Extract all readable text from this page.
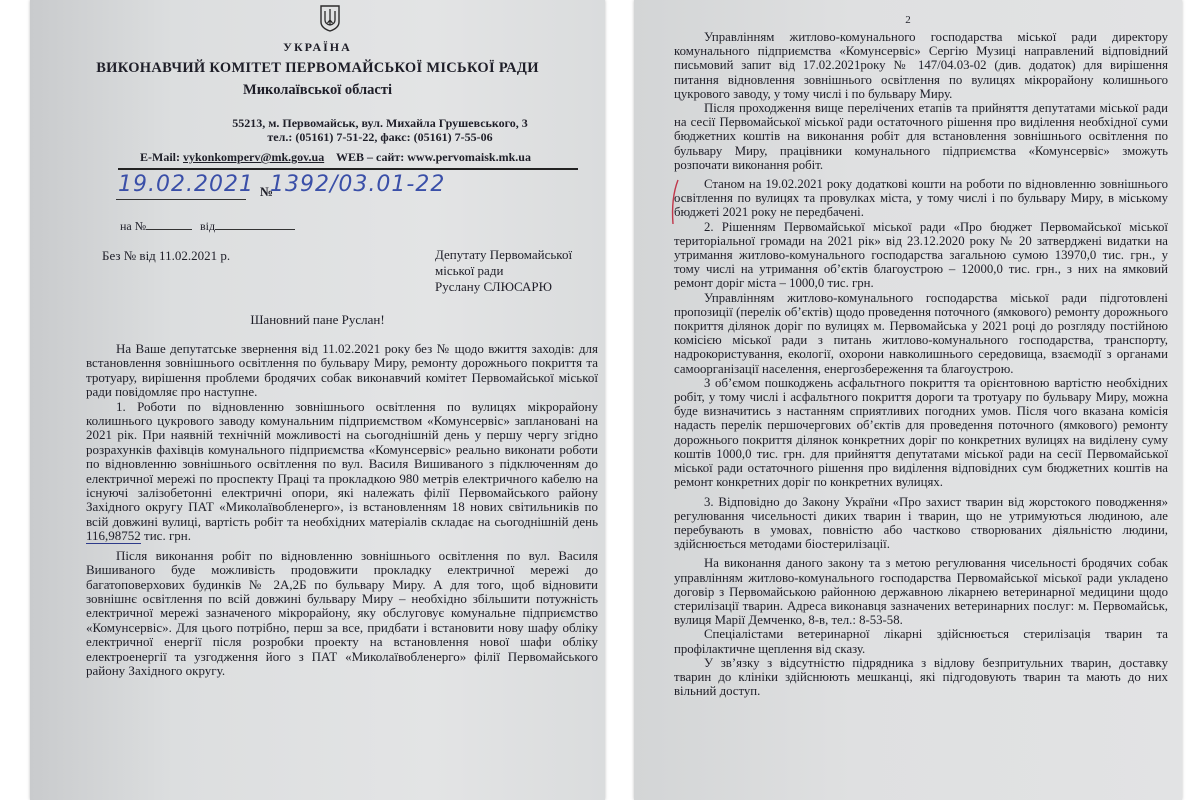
УКРАЇНА
ВИКОНАВЧИЙ КОМІТЕТ ПЕРВОМАЙСЬКОЇ МІСЬКОЇ РАДИ
Миколаївської області
55213, м. Первомайськ, вул. Михайла Грушевського, 3
тел.: (05161) 7-51-22, факс: (05161) 7-55-06
E-Mail: vykonkomperv@mk.gov.ua WEB – сайт: www.pervomaisk.mk.ua
19.02.2021 №
1392/03.01-22
на №	від
Без № від 11.02.2021 р.	Депутату Первомайської
міської ради
Руслану СЛЮСАРЮ
Шановний пане Руслан!

На Ваше депутатське звернення від 11.02.2021 року без № щодо вжиття заходів: для встановлення зовнішнього освітлення по бульвару Миру, ремонту дорожнього покриття та тротуару, вирішення проблеми бродячих собак виконавчий комітет Первомайської міської ради повідомляє про наступне.

1. Роботи по відновленню зовнішнього освітлення по вулицях мікрорайону колишнього цукрового заводу комунальним підприємством «Комунсервіс» заплановані на 2021 рік. При наявній технічній можливості на сьогоднішній день у першу чергу згідно розрахунків фахівців комунального підприємства «Комунсервіс» реально виконати роботи по відновленню зовнішнього освітлення по вул. Василя Вишиваного з підключенням до електричної мережі по проспекту Праці та прокладкою 980 метрів електричного кабелю на існуючі залізобетонні електричні опори, які належать філії Первомайського району Західного округу ПАТ «Миколаївобленерго», із встановленням 18 нових світильників по всій довжині вулиці, вартість робіт та необхідних матеріалів складає на сьогоднішній день 116,98752 тис. грн.

Після виконання робіт по відновленню зовнішнього освітлення по вул. Василя Вишиваного буде можливість продовжити прокладку електричної мережі до багатоповерхових будинків № 2А,2Б по бульвару Миру. А для того, щоб відновити зовнішнє освітлення по всій довжині бульвару Миру – необхідно збільшити потужність електричної мережі зазначеного мікрорайону, яку обслуговує комунальне підприємство «Комунсервіс». Для цього потрібно, перш за все, придбати і встановити нову шафу обліку електричної енергії після розробки проекту на встановлення нової шафи обліку електроенергії та узгодження його з ПАТ «Миколаївобленерго» філії Первомайського району Західного округу.

2

Управлінням житлово-комунального господарства міської ради директору комунального підприємства «Комунсервіс» Сергію Музиці направлений відповідний письмовий запит від 17.02.2021року № 147/04.03-02 (див. додаток) для вирішення питання відновлення зовнішнього освітлення по вулицях мікрорайону колишнього цукрового заводу, у тому числі і по бульвару Миру.

Після проходження вище перелічених етапів та прийняття депутатами міської ради на сесії Первомайської міської ради остаточного рішення про виділення необхідної суми бюджетних коштів на виконання робіт для встановлення зовнішнього освітлення по бульвару Миру, працівники комунального підприємства «Комунсервіс» зможуть розпочати виконання робіт.

Станом на 19.02.2021 року додаткові кошти на роботи по відновленню зовнішнього освітлення по вулицях та провулках міста, у тому числі і по бульвару Миру, в міському бюджеті 2021 року не передбачені.

2. Рішенням Первомайської міської ради «Про бюджет Первомайської міської територіальної громади на 2021 рік» від 23.12.2020 року № 20 затверджені видатки на утримання житлово-комунального господарства загальною сумою 13970,0 тис. грн., у тому числі на утримання об’єктів благоустрою – 12000,0 тис. грн., з них на ямковий ремонт доріг міста – 1000,0 тис. грн.

Управлінням житлово-комунального господарства міської ради підготовлені пропозиції (перелік об’єктів) щодо проведення поточного (ямкового) ремонту дорожнього покриття ділянок доріг по вулицях м. Первомайська у 2021 році до розгляду постійною комісією міської ради з питань житлово-комунального господарства, транспорту, надрокористування, екології, охорони навколишнього середовища, взаємодії з органами самоорганізації населення, енергозбереження та благоустрою.

З об’ємом пошкоджень асфальтного покриття та орієнтовною вартістю необхідних робіт, у тому числі і асфальтного покриття дороги та тротуару по бульвару Миру, можна буде визначитись з настанням сприятливих погодних умов. Після чого вказана комісія надасть перелік першочергових об’єктів для проведення поточного (ямкового) ремонту дорожнього покриття ділянок конкретних доріг по конкретних вулицях на виділену суму коштів 1000,0 тис. грн. для прийняття депутатами міської ради на сесії Первомайської міської ради остаточного рішення про виділення відповідних сум бюджетних коштів на ремонт конкретних доріг по конкретних вулицях.

3. Відповідно до Закону України «Про захист тварин від жорстокого поводження» регулювання чисельності диких тварин і тварин, що не утримуються людиною, але перебувають в умовах, повністю або частково створюваних діяльністю людини, здійснюється методами біостерилізації.

На виконання даного закону та з метою регулювання чисельності бродячих собак управлінням житлово-комунального господарства Первомайської міської ради укладено договір з Первомайською районною державною лікарнею ветеринарної медицини щодо стерилізації тварин. Адреса виконавця зазначених ветеринарних послуг: м. Первомайськ, вулиця Марії Демченко, 8-в, тел.: 8-53-58.

Спеціалістами ветеринарної лікарні здійснюється стерилізація тварин та профілактичне щеплення від сказу.

У зв’язку з відсутністю підрядника з відлову безпритульних тварин, доставку тварин до клініки здійснюють мешканці, які підгодовують тварин та мають до них вільний доступ.
